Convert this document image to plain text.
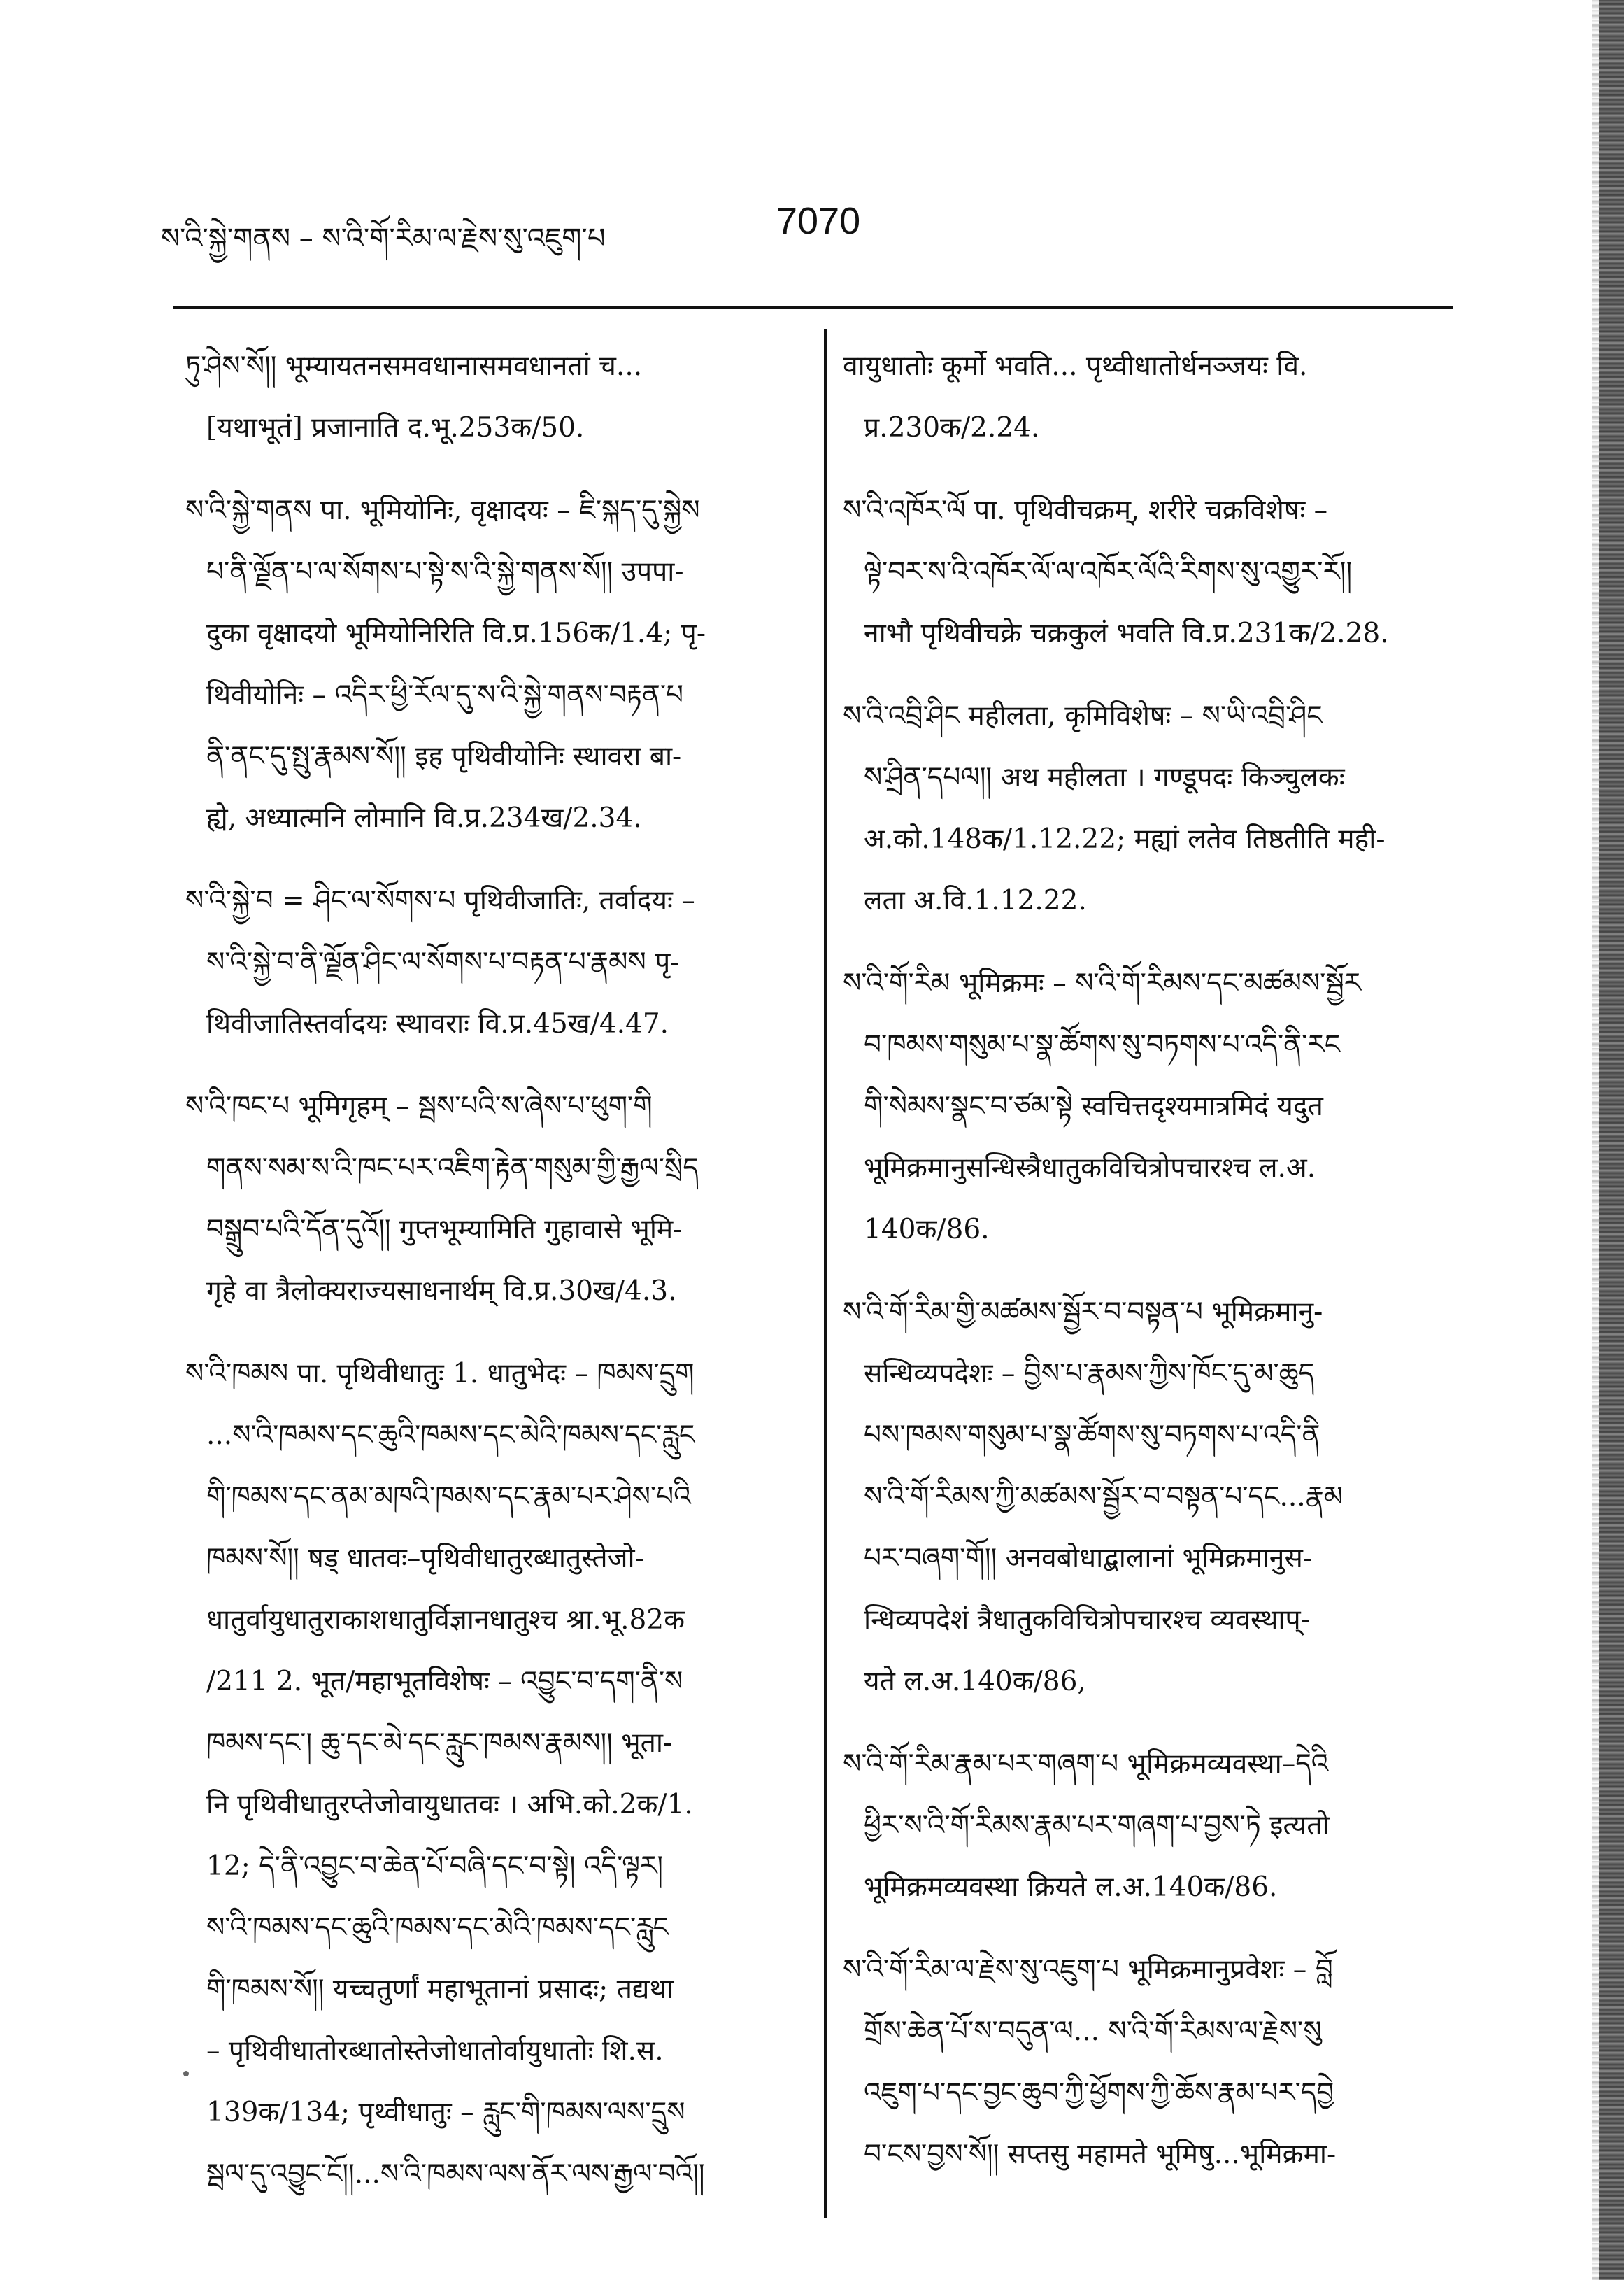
ས་འི་སྐྱེ་གནས – ས་འི་གོ་རིམ་ལ་རྗེས་སུ་འཇུག་པ	7070
ཏུ་ཤེས་སོ།། भूम्यायतनसमवधानासमवधानतां च...
[यथाभूतं] प्रजानाति द.भू.253क/50.
ས་འི་སྐྱེ་གནས पा. भूमियोनिः, वृक्षादयः – ཇི་སྐད་དུ་སྐྱེས
པ་ནི་ལྗོན་པ་ལ་སོགས་པ་སྟེ་ས་འི་སྐྱེ་གནས་སོ།། उपपा-
दुका वृक्षादयो भूमियोनिरिति वि.प्र.156क/1.4; पृ-
थिवीयोनिः – འདིར་ཕྱི་རོལ་དུ་ས་འི་སྐྱེ་གནས་བརྟན་པ
ནི་ནང་དུ་སྤུ་རྣམས་སོ།། इह पृथिवीयोनिः स्थावरा बा-
ह्ये, अध्यात्मनि लोमानि वि.प्र.234ख/2.34.
ས་འི་སྐྱེ་བ = ཤིང་ལ་སོགས་པ पृथिवीजातिः, तर्वादयः –
ས་འི་སྐྱེ་བ་ནི་ལྗོན་ཤིང་ལ་སོགས་པ་བརྟན་པ་རྣམས पृ-
थिवीजातिस्तर्वादयः स्थावराः वि.प्र.45ख/4.47.
ས་འི་ཁང་པ भूमिगृहम् – སྦས་པའི་ས་ཞེས་པ་ཕུག་གི
གནས་སམ་ས་འི་ཁང་པར་འཇིག་རྟེན་གསུམ་གྱི་རྒྱལ་སྲིད
བསྒྲུབ་པའི་དོན་དུའོ།། गुप्तभूम्यामिति गुहावासे भूमि-
गृहे वा त्रैलोक्यराज्यसाधनार्थम् वि.प्र.30ख/4.3.
ས་འི་ཁམས पा. पृथिवीधातुः 1. धातुभेदः – ཁམས་དྲུག
...ས་འི་ཁམས་དང་ཆུའི་ཁམས་དང་མེའི་ཁམས་དང་རླུང
གི་ཁམས་དང་ནམ་མཁའི་ཁམས་དང་རྣམ་པར་ཤེས་པའི
ཁམས་སོ།། षड् धातवः–पृथिवीधातुरब्धातुस्तेजो-
धातुर्वायुधातुराकाशधातुर्विज्ञानधातुश्च श्रा.भू.82क
/211 2. भूत/महाभूतविशेषः – འབྱུང་བ་དག་ནི་ས
ཁམས་དང་། ཆུ་དང་མེ་དང་རླུང་ཁམས་རྣམས།། भूता-
नि पृथिवीधातुरप्तेजोवायुधातवः । अभि.को.2क/1.
12; དེ་ནི་འབྱུང་བ་ཆེན་པོ་བཞི་དང་བ་སྟེ། འདི་ལྟར།
ས་འི་ཁམས་དང་ཆུའི་ཁམས་དང་མེའི་ཁམས་དང་རླུང
གི་ཁམས་སོ།། यच्चतुर्णां महाभूतानां प्रसादः; तद्यथा
– पृथिवीधातोरब्धातोस्तेजोधातोर्वायुधातोः शि.स.
139क/134; पृथ्वीधातुः – རླུང་གི་ཁམས་ལས་དྲུས
སྦལ་དུ་འབྱུང་ངོ།།...ས་འི་ཁམས་ལས་ནོར་ལས་རྒྱལ་བའོ།།
वायुधातोः कूर्मो भवति... पृथ्वीधातोर्धनञ्जयः वि.
प्र.230क/2.24.
ས་འི་འཁོར་ལོ पा. पृथिवीचक्रम्, शरीरे चक्रविशेषः –
ལྟེ་བར་ས་འི་འཁོར་ལོ་ལ་འཁོར་ལོའི་རིགས་སུ་འགྱུར་རོ།།
नाभौ पृथिवीचक्रे चक्रकुलं भवति वि.प्र.231क/2.28.
ས་འི་འབྲི་ཤིང महीलता, कृमिविशेषः – ས་ཡི་འབྲི་ཤིང
ས་ཤྲིན་དཔལ།། अथ महीलता । गण्डूपदः किञ्चुलकः
अ.को.148क/1.12.22; मह्यां लतेव तिष्ठतीति मही-
लता अ.वि.1.12.22.
ས་འི་གོ་རིམ भूमिक्रमः – ས་འི་གོ་རིམས་དང་མཚམས་སྦྱོར
བ་ཁམས་གསུམ་པ་སྣ་ཚོགས་སུ་བཏགས་པ་འདི་ནི་རང
གི་སེམས་སྣང་བ་ཙམ་སྟེ स्वचित्तदृश्यमात्रमिदं यदुत
भूमिक्रमानुसन्धिस्त्रैधातुकविचित्रोपचारश्च ल.अ.
140क/86.
ས་འི་གོ་རིམ་གྱི་མཚམས་སྦྱོར་བ་བསྟན་པ भूमिक्रमानु-
सन्धिव्यपदेशः – བྱིས་པ་རྣམས་ཀྱིས་ཁོང་དུ་མ་ཆུད
པས་ཁམས་གསུམ་པ་སྣ་ཚོགས་སུ་བཏགས་པ་འདི་ནི
ས་འི་གོ་རིམས་ཀྱི་མཚམས་སྦྱོར་བ་བསྟན་པ་དང...རྣམ
པར་བཞག་གོ།། अनवबोधाद्बालानां भूमिक्रमानुस-
न्धिव्यपदेशं त्रैधातुकविचित्रोपचारश्च व्यवस्थाप्-
यते ल.अ.140क/86,
ས་འི་གོ་རིམ་རྣམ་པར་གཞག་པ भूमिक्रमव्यवस्था–དེའི
ཕྱིར་ས་འི་གོ་རིམས་རྣམ་པར་གཞག་པ་བྱས་ཏེ इत्यतो
भूमिक्रमव्यवस्था क्रियते ल.अ.140क/86.
ས་འི་གོ་རིམ་ལ་རྗེས་སུ་འཇུག་པ भूमिक्रमानुप्रवेशः – བློ
གྲོས་ཆེན་པོ་ས་བདུན་ལ... ས་འི་གོ་རིམས་ལ་རྗེས་སུ
འཇུག་པ་དང་བྱང་ཆུབ་ཀྱི་ཕྱོགས་ཀྱི་ཆོས་རྣམ་པར་དབྱེ
བ་ངས་བྱས་སོ།། सप्तसु महामते भूमिषु...भूमिक्रमा-
